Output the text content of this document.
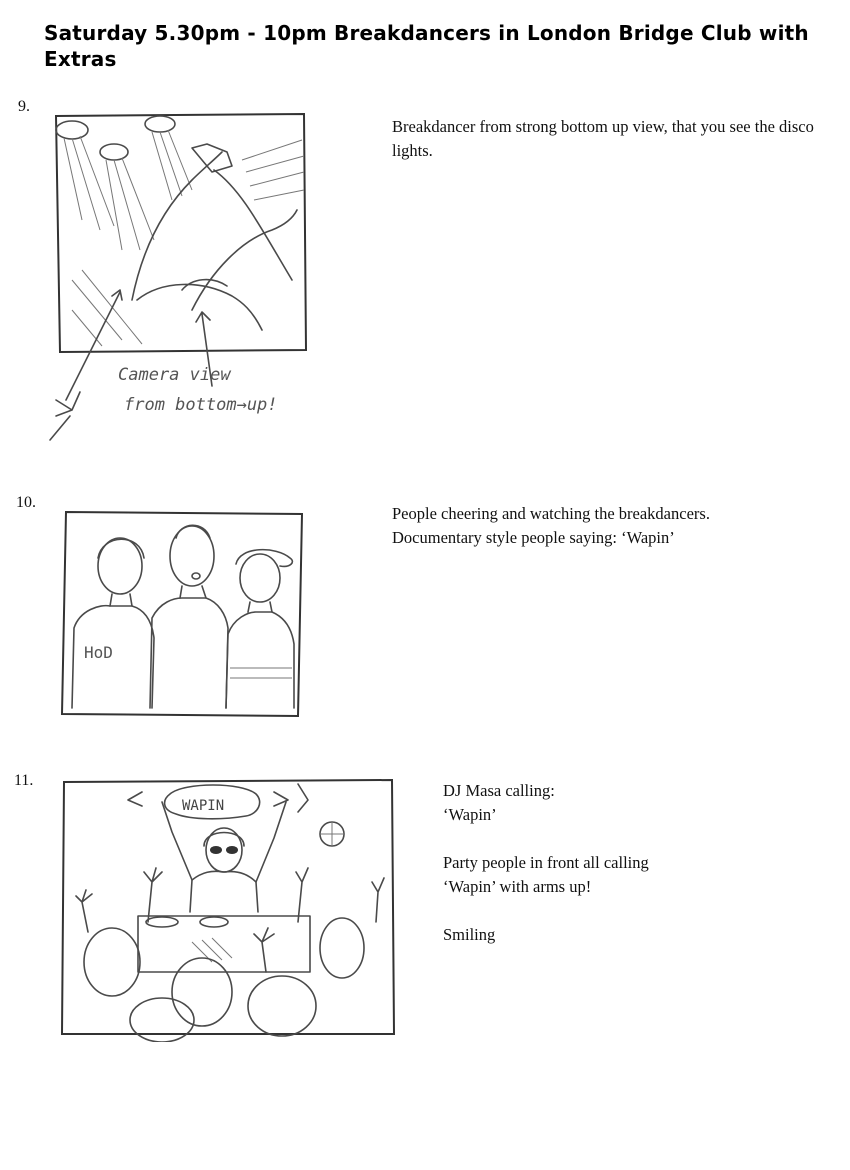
Saturday 5.30pm - 10pm Breakdancers in London Bridge Club with Extras
9.
Camera view
from bottom→up!

Breakdancer from strong bottom up view, that you see the disco lights.

10.
HoD

People cheering and watching the breakdancers.

Documentary style people saying: ‘Wapin’

11.
WAPIN

DJ Masa calling:

‘Wapin’

Party people in front all calling

‘Wapin’ with arms up!

Smiling
